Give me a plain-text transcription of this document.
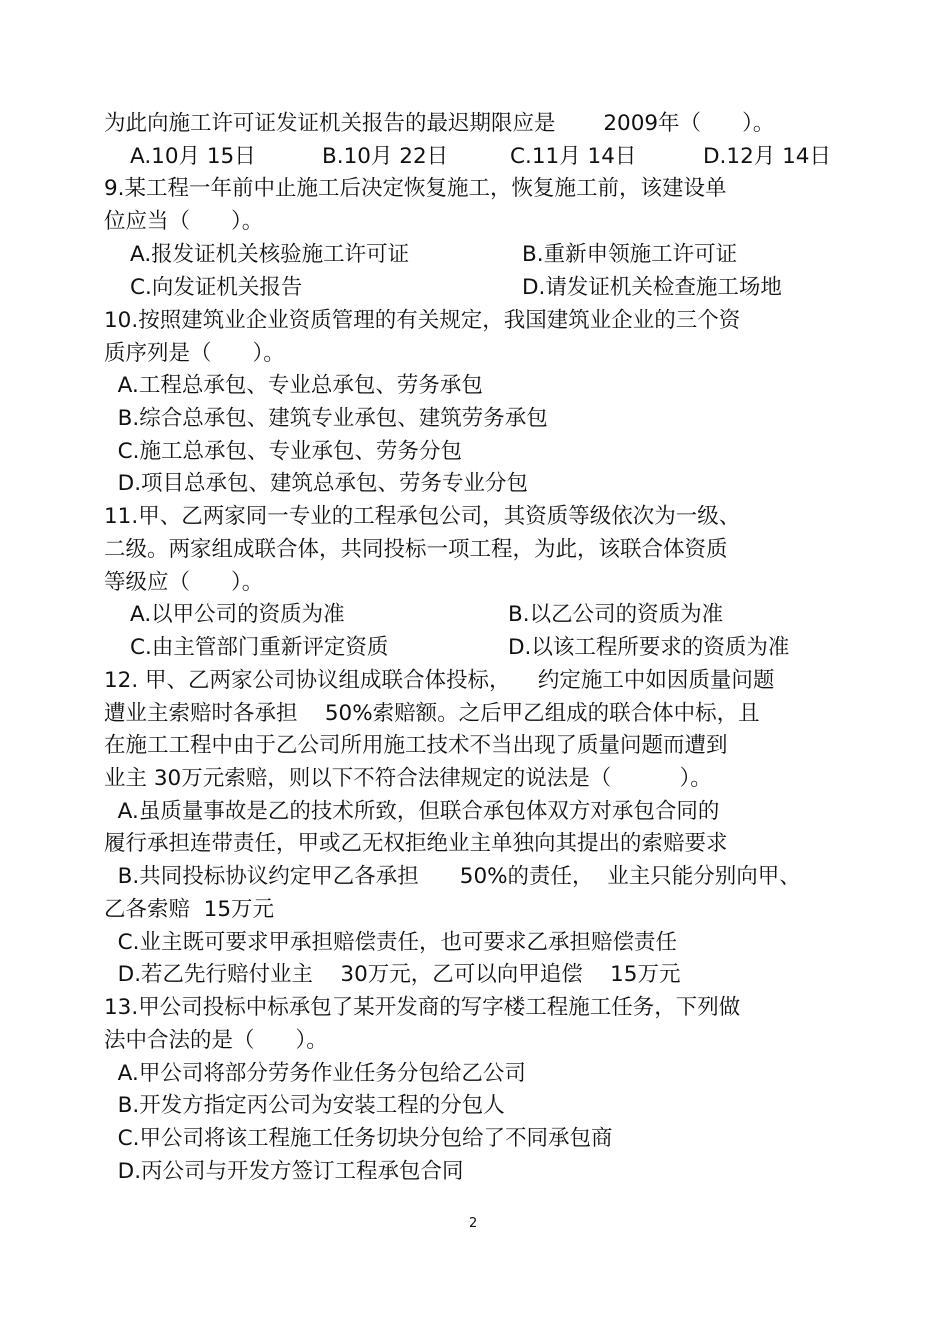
为此向施工许可证发证机关报告的最迟期限应是       2009年（      ）。
A.10月 15日	B.10月 22日	C.11月 14日	D.12月 14日
9.某工程一年前中止施工后决定恢复施工，恢复施工前，该建设单
位应当（      ）。
A.报发证机关核验施工许可证	B.重新申领施工许可证
C.向发证机关报告	D.请发证机关检查施工场地
10.按照建筑业企业资质管理的有关规定，我国建筑业企业的三个资
质序列是（      ）。
A.工程总承包、专业总承包、劳务承包
B.综合总承包、建筑专业承包、建筑劳务承包
C.施工总承包、专业承包、劳务分包
D.项目总承包、建筑总承包、劳务专业分包
11.甲、乙两家同一专业的工程承包公司，其资质等级依次为一级、
二级。两家组成联合体，共同投标一项工程，为此，该联合体资质
等级应（      ）。
A.以甲公司的资质为准	B.以乙公司的资质为准
C.由主管部门重新评定资质	D.以该工程所要求的资质为准
12. 甲、乙两家公司协议组成联合体投标，    约定施工中如因质量问题
遭业主索赔时各承担    50%索赔额。之后甲乙组成的联合体中标，且
在施工工程中由于乙公司所用施工技术不当出现了质量问题而遭到
业主 30万元索赔，则以下不符合法律规定的说法是（          ）。
A.虽质量事故是乙的技术所致，但联合承包体双方对承包合同的
履行承担连带责任，甲或乙无权拒绝业主单独向其提出的索赔要求
B.共同投标协议约定甲乙各承担      50%的责任，  业主只能分别向甲、
乙各索赔  15万元
C.业主既可要求甲承担赔偿责任，也可要求乙承担赔偿责任
D.若乙先行赔付业主    30万元，乙可以向甲追偿    15万元
13.甲公司投标中标承包了某开发商的写字楼工程施工任务，下列做
法中合法的是（      ）。
A.甲公司将部分劳务作业任务分包给乙公司
B.开发方指定丙公司为安装工程的分包人
C.甲公司将该工程施工任务切块分包给了不同承包商
D.丙公司与开发方签订工程承包合同
2
